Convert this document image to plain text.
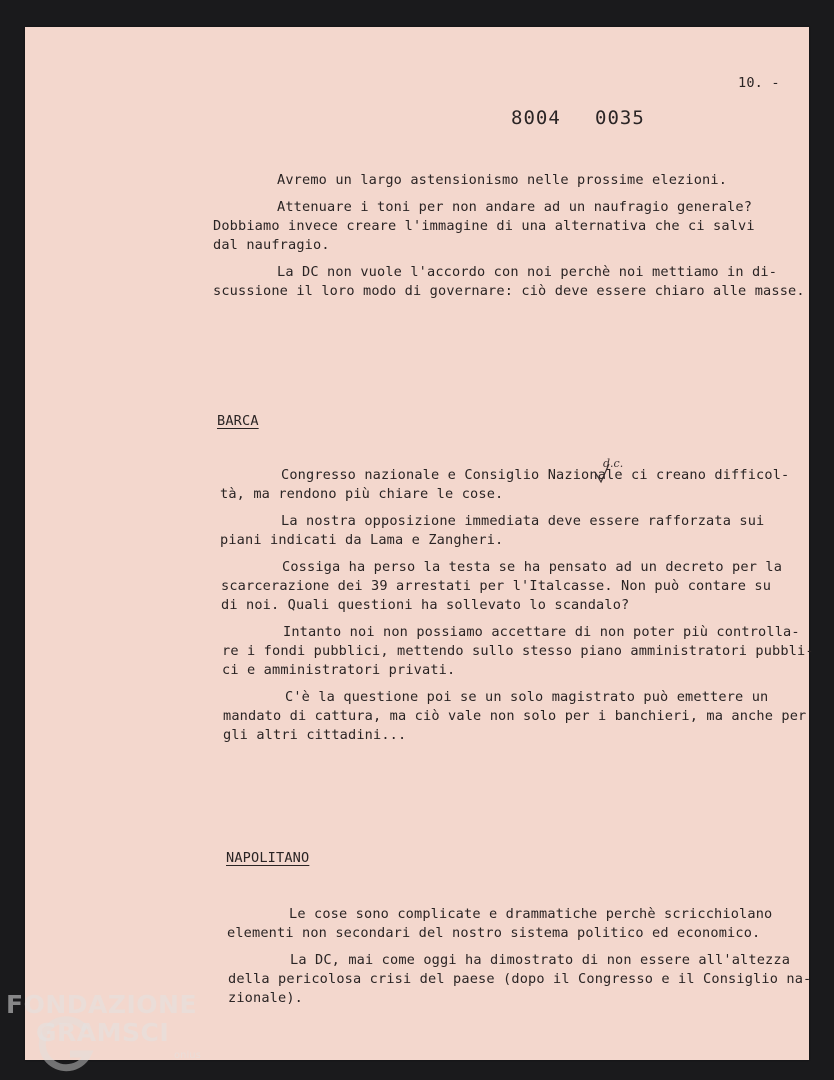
10. -
8004 0035
Avremo un largo astensionismo nelle prossime elezioni.
Attenuare i toni per non andare ad un naufragio generale?
Dobbiamo invece creare l'immagine di una alternativa che ci salvi
dal naufragio.
La DC non vuole l'accordo con noi perchè noi mettiamo in di-
scussione il loro modo di governare: ciò deve essere chiaro alle masse.
BARCA
d.c.
Congresso nazionale e Consiglio Nazionale ci creano difficol-
tà, ma rendono più chiare le cose.
La nostra opposizione immediata deve essere rafforzata sui
piani indicati da Lama e Zangheri.
Cossiga ha perso la testa se ha pensato ad un decreto per la
scarcerazione dei 39 arrestati per l'Italcasse. Non può contare su
di noi. Quali questioni ha sollevato lo scandalo?
Intanto noi non possiamo accettare di non poter più controlla-
re i fondi pubblici, mettendo sullo stesso piano amministratori pubbli-
ci e amministratori privati.
C'è la questione poi se un solo magistrato può emettere un
mandato di cattura, ma ciò vale non solo per i banchieri, ma anche per
gli altri cittadini...
NAPOLITANO
Le cose sono complicate e drammatiche perchè scricchiolano
elementi non secondari del nostro sistema politico ed economico.
La DC, mai come oggi ha dimostrato di non essere all'altezza
della pericolosa crisi del paese (dopo il Congresso e il Consiglio na-
zionale).
FONDAZIONE
GRAMSCI
onlus
